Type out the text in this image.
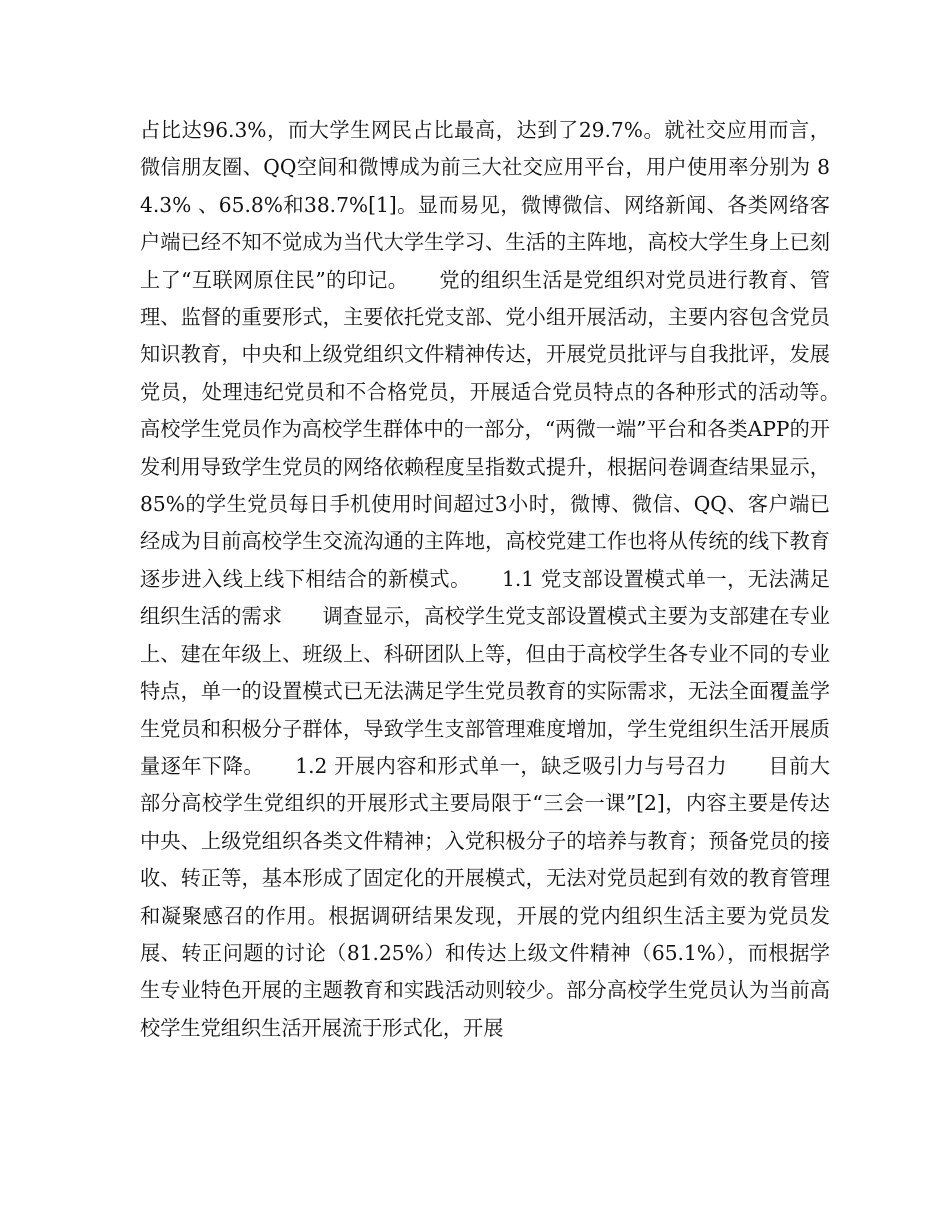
占比达96.3%，而大学生网民占比最高，达到了29.7%。就社交应用而言，微信朋友圈、QQ空间和微博成为前三大社交应用平台，用户使用率分别为 84.3% 、65.8%和38.7%[1]。显而易见，微博微信、网络新闻、各类网络客户端已经不知不觉成为当代大学生学习、生活的主阵地，高校大学生身上已刻上了“互联网原住民”的印记。　　党的组织生活是党组织对党员进行教育、管理、监督的重要形式，主要依托党支部、党小组开展活动，主要内容包含党员知识教育，中央和上级党组织文件精神传达，开展党员批评与自我批评，发展党员，处理违纪党员和不合格党员，开展适合党员特点的各种形式的活动等。　　高校学生党员作为高校学生群体中的一部分，“两微一端”平台和各类APP的开发利用导致学生党员的网络依赖程度呈指数式提升，根据问卷调查结果显示，85%的学生党员每日手机使用时间超过3小时，微博、微信、QQ、客户端已经成为目前高校学生交流沟通的主阵地，高校党建工作也将从传统的线下教育逐步进入线上线下相结合的新模式。　　1.1 党支部设置模式单一，无法满足组织生活的需求　　调查显示，高校学生党支部设置模式主要为支部建在专业上、建在年级上、班级上、科研团队上等，但由于高校学生各专业不同的专业特点，单一的设置模式已无法满足学生党员教育的实际需求，无法全面覆盖学生党员和积极分子群体，导致学生支部管理难度增加，学生党组织生活开展质量逐年下降。　　1.2 开展内容和形式单一，缺乏吸引力与号召力　　目前大部分高校学生党组织的开展形式主要局限于“三会一课”[2]，内容主要是传达中央、上级党组织各类文件精神；入党积极分子的培养与教育；预备党员的接收、转正等，基本形成了固定化的开展模式，无法对党员起到有效的教育管理和凝聚感召的作用。根据调研结果发现，开展的党内组织生活主要为党员发展、转正问题的讨论（81.25%）和传达上级文件精神（65.1%），而根据学生专业特色开展的主题教育和实践活动则较少。部分高校学生党员认为当前高校学生党组织生活开展流于形式化，开展
